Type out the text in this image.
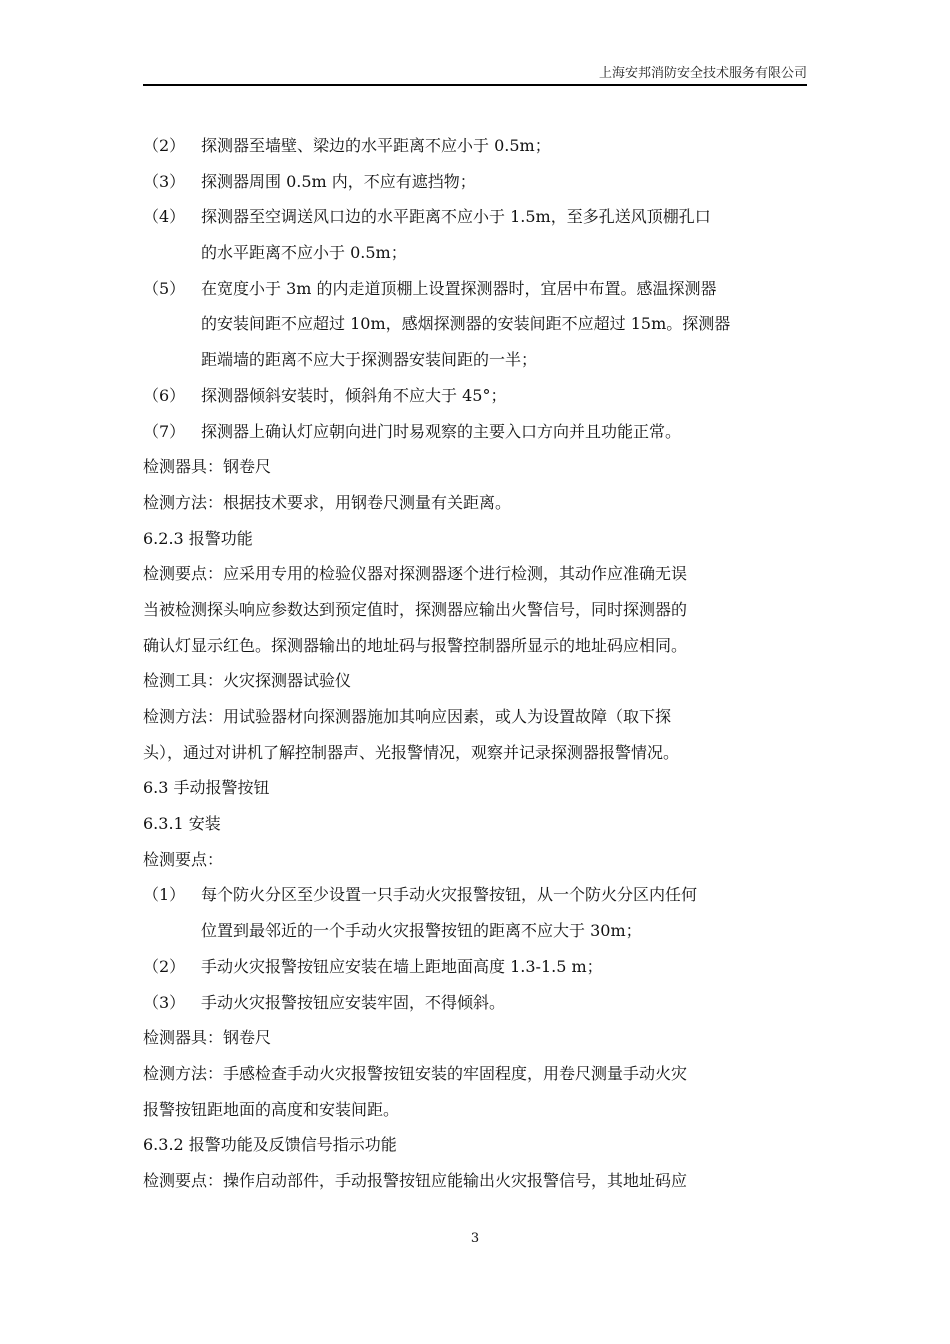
上海安邦消防安全技术服务有限公司
（2） 探测器至墙壁、梁边的水平距离不应小于 0.5m；
（3） 探测器周围 0.5m 内，不应有遮挡物；
（4） 探测器至空调送风口边的水平距离不应小于 1.5m，至多孔送风顶棚孔口
的水平距离不应小于 0.5m；
（5） 在宽度小于 3m 的内走道顶棚上设置探测器时，宜居中布置。感温探测器
的安装间距不应超过 10m，感烟探测器的安装间距不应超过 15m。探测器
距端墙的距离不应大于探测器安装间距的一半；
（6） 探测器倾斜安装时，倾斜角不应大于 45°；
（7） 探测器上确认灯应朝向进门时易观察的主要入口方向并且功能正常。
检测器具：钢卷尺
检测方法：根据技术要求，用钢卷尺测量有关距离。
6.2.3 报警功能
检测要点：应采用专用的检验仪器对探测器逐个进行检测，其动作应准确无误
当被检测探头响应参数达到预定值时，探测器应输出火警信号，同时探测器的
确认灯显示红色。探测器输出的地址码与报警控制器所显示的地址码应相同。
检测工具：火灾探测器试验仪
检测方法：用试验器材向探测器施加其响应因素，或人为设置故障（取下探
头），通过对讲机了解控制器声、光报警情况，观察并记录探测器报警情况。
6.3 手动报警按钮
6.3.1 安装
检测要点：
（1） 每个防火分区至少设置一只手动火灾报警按钮，从一个防火分区内任何
位置到最邻近的一个手动火灾报警按钮的距离不应大于 30m；
（2） 手动火灾报警按钮应安装在墙上距地面高度 1.3-1.5 m；
（3） 手动火灾报警按钮应安装牢固，不得倾斜。
检测器具：钢卷尺
检测方法：手感检查手动火灾报警按钮安装的牢固程度，用卷尺测量手动火灾
报警按钮距地面的高度和安装间距。
6.3.2 报警功能及反馈信号指示功能
检测要点：操作启动部件，手动报警按钮应能输出火灾报警信号，其地址码应
3
